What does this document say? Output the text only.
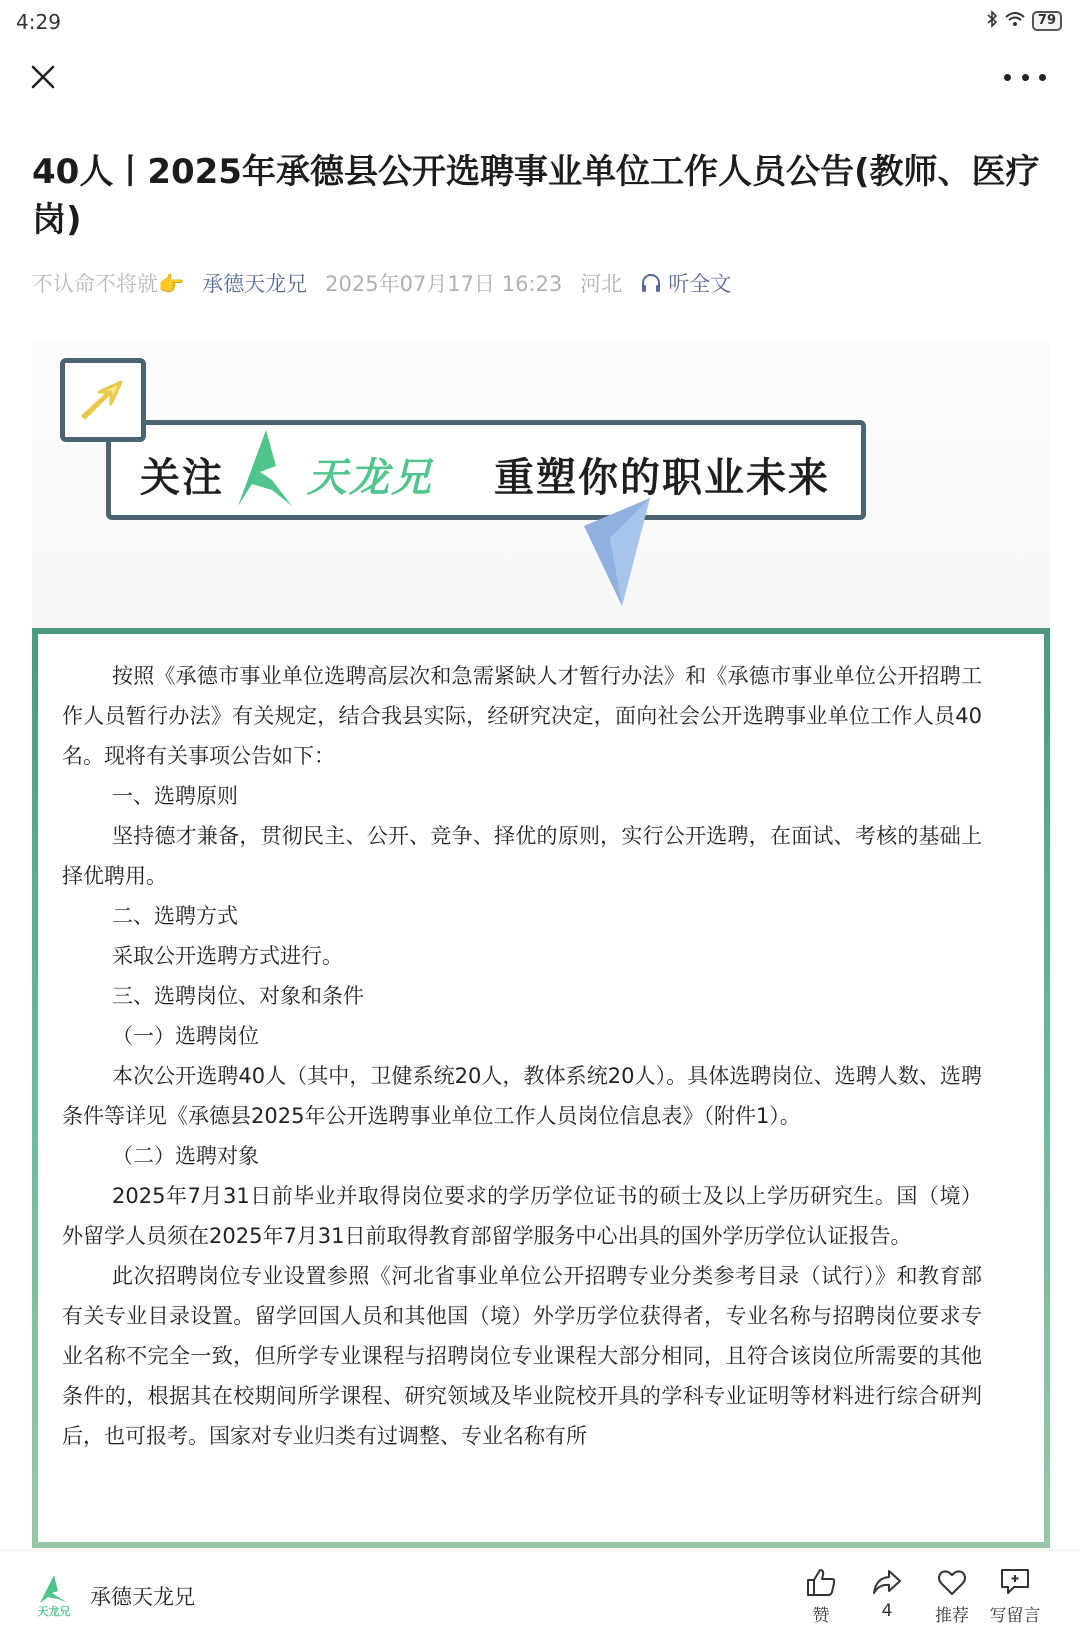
4:29	79
40人丨2025年承德县公开选聘事业单位工作人员公告(教师、医疗岗)
不认命不将就👉 承德天龙兄 2025年07月17日 16:23 河北 听全文
关注 天龙兄 重塑你的职业未来

按照《承德市事业单位选聘高层次和急需紧缺人才暂行办法》和《承德市事业单位公开招聘工作人员暂行办法》有关规定，结合我县实际，经研究决定，面向社会公开选聘事业单位工作人员40名。现将有关事项公告如下：

一、选聘原则

坚持德才兼备，贯彻民主、公开、竞争、择优的原则，实行公开选聘，在面试、考核的基础上择优聘用。

二、选聘方式

采取公开选聘方式进行。

三、选聘岗位、对象和条件

（一）选聘岗位

本次公开选聘40人（其中，卫健系统20人，教体系统20人）。具体选聘岗位、选聘人数、选聘条件等详见《承德县2025年公开选聘事业单位工作人员岗位信息表》（附件1）。

（二）选聘对象

2025年7月31日前毕业并取得岗位要求的学历学位证书的硕士及以上学历研究生。国（境）外留学人员须在2025年7月31日前取得教育部留学服务中心出具的国外学历学位认证报告。

此次招聘岗位专业设置参照《河北省事业单位公开招聘专业分类参考目录（试行）》和教育部有关专业目录设置。留学回国人员和其他国（境）外学历学位获得者，专业名称与招聘岗位要求专业名称不完全一致，但所学专业课程与招聘岗位专业课程大部分相同，且符合该岗位所需要的其他条件的，根据其在校期间所学课程、研究领域及毕业院校开具的学科专业证明等材料进行综合研判后，也可报考。国家对专业归类有过调整、专业名称有所

天龙兄
承德天龙兄
赞	4	推荐	写留言
